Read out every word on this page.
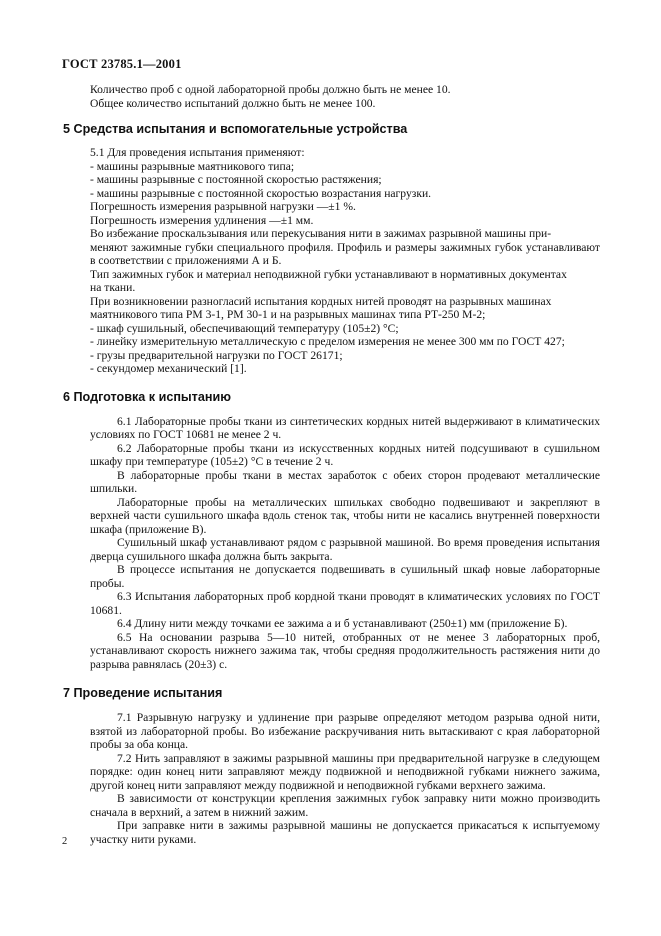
ГОСТ 23785.1—2001

Количество проб с одной лабораторной пробы должно быть не менее 10.

Общее количество испытаний должно быть не менее 100.

5 Средства испытания и вспомогательные устройства

5.1 Для проведения испытания применяют:

- машины разрывные маятникового типа;

- машины разрывные с постоянной скоростью растяжения;

- машины разрывные с постоянной скоростью возрастания нагрузки.

Погрешность измерения разрывной нагрузки —±1 %.

Погрешность измерения удлинения —±1 мм.

Во избежание проскальзывания или перекусывания нити в зажимах разрывной машины при-

меняют зажимные губки специального профиля. Профиль и размеры зажимных губок устанавливают в соответствии с приложениями А и Б.

Тип зажимных губок и материал неподвижной губки устанавливают в нормативных документах

на ткани.

При возникновении разногласий испытания кордных нитей проводят на разрывных машинах

маятникового типа РМ 3-1, РМ 30-1 и на разрывных машинах типа РТ-250 М-2;

- шкаф сушильный, обеспечивающий температуру (105±2) °С;

- линейку измерительную металлическую с пределом измерения не менее 300 мм по ГОСТ 427;

- грузы предварительной нагрузки по ГОСТ 26171;

- секундомер механический [1].

6 Подготовка к испытанию

6.1 Лабораторные пробы ткани из синтетических кордных нитей выдерживают в климатических условиях по ГОСТ 10681 не менее 2 ч.

6.2 Лабораторные пробы ткани из искусственных кордных нитей подсушивают в сушильном шкафу при температуре (105±2) °С в течение 2 ч.

В лабораторные пробы ткани в местах заработок с обеих сторон продевают металлические шпильки.

Лабораторные пробы на металлических шпильках свободно подвешивают и закрепляют в верхней части сушильного шкафа вдоль стенок так, чтобы нити не касались внутренней поверхности шкафа (приложение В).

Сушильный шкаф устанавливают рядом с разрывной машиной. Во время проведения испытания дверца сушильного шкафа должна быть закрыта.

В процессе испытания не допускается подвешивать в сушильный шкаф новые лабораторные пробы.

6.3 Испытания лабораторных проб кордной ткани проводят в климатических условиях по ГОСТ 10681.

6.4 Длину нити между точками ее зажима а и б устанавливают (250±1) мм (приложение Б).

6.5 На основании разрыва 5—10 нитей, отобранных от не менее 3 лабораторных проб, устанавливают скорость нижнего зажима так, чтобы средняя продолжительность растяжения нити до разрыва равнялась (20±3) с.

7 Проведение испытания

7.1 Разрывную нагрузку и удлинение при разрыве определяют методом разрыва одной нити, взятой из лабораторной пробы. Во избежание раскручивания нить вытаскивают с края лабораторной пробы за оба конца.

7.2 Нить заправляют в зажимы разрывной машины при предварительной нагрузке в следующем порядке: один конец нити заправляют между подвижной и неподвижной губками нижнего зажима, другой конец нити заправляют между подвижной и неподвижной губками верхнего зажима.

В зависимости от конструкции крепления зажимных губок заправку нити можно производить сначала в верхний, а затем в нижний зажим.

При заправке нити в зажимы разрывной машины не допускается прикасаться к испытуемому участку нити руками.

2
